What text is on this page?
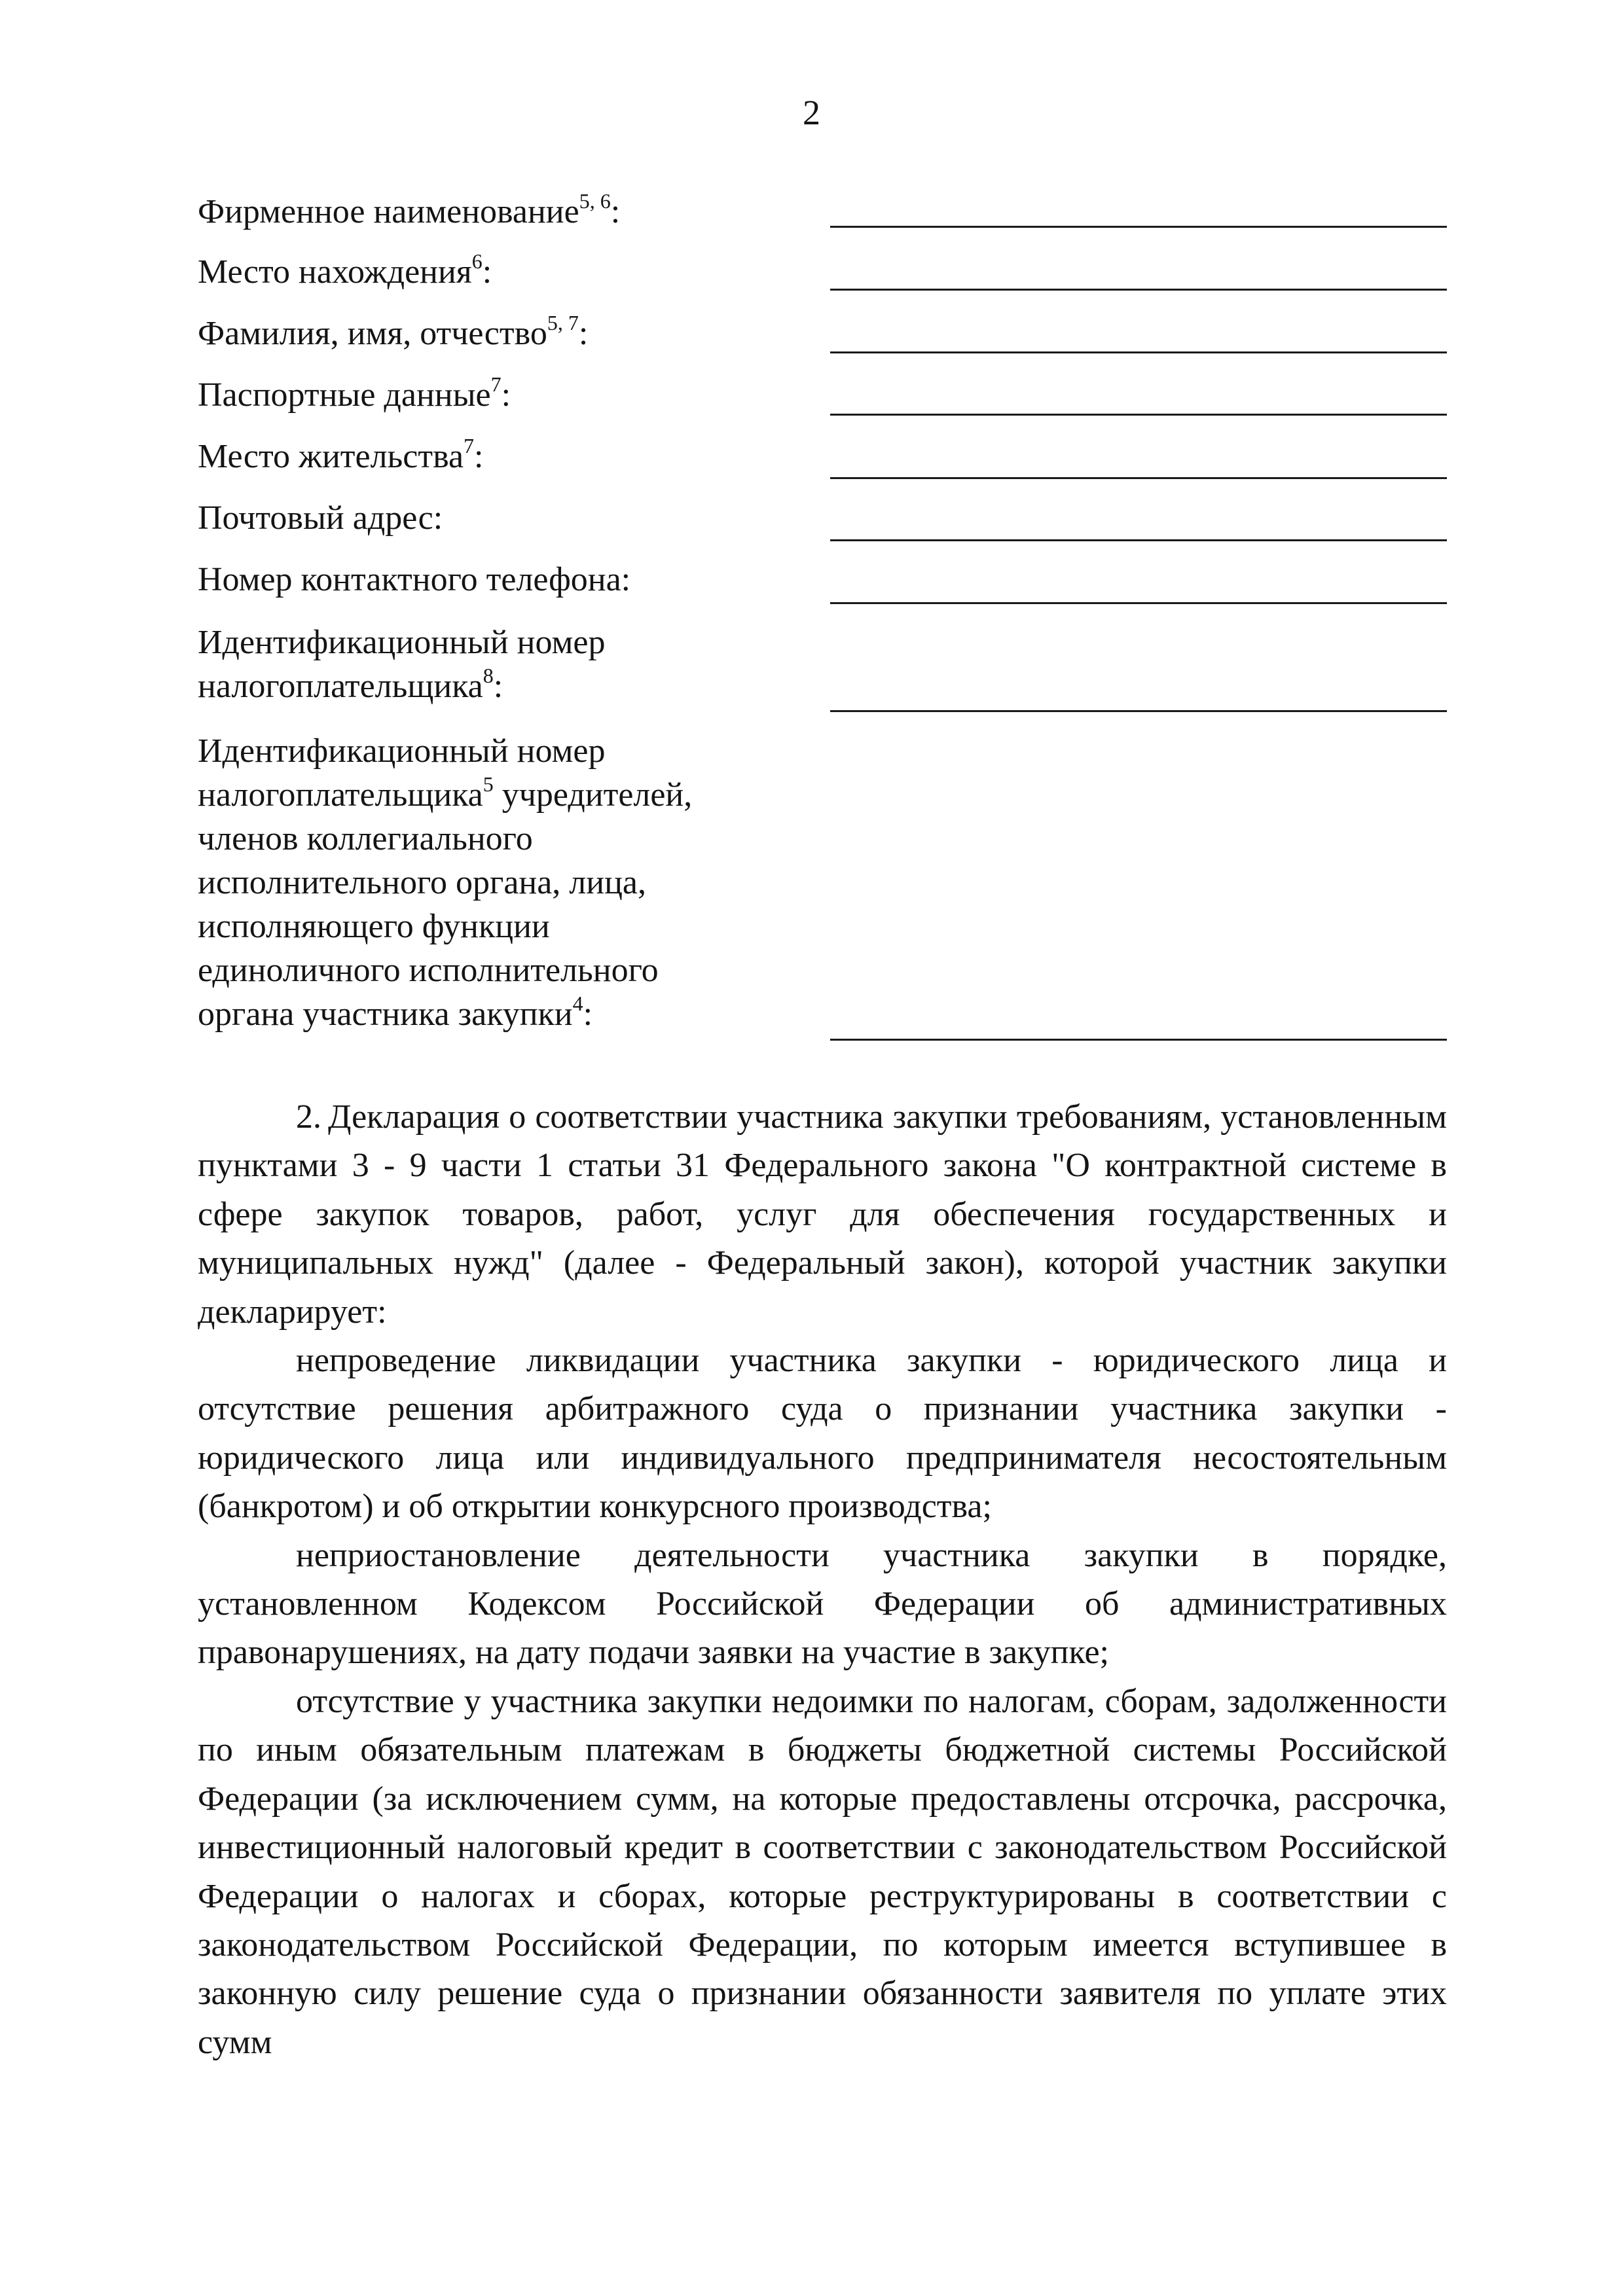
2
Фирменное наименование$^{5, 6}$:
Место нахождения$^6$:
Фамилия, имя, отчество$^{5, 7}$:
Паспортные данные$^7$:
Место жительства$^7$:
Почтовый адрес:
Номер контактного телефона:
Идентификационный номер
налогоплательщика$^8$:
Идентификационный номер
налогоплательщика$^5$ учредителей,
членов коллегиального
исполнительного органа, лица,
исполняющего функции
единоличного исполнительного
органа участника закупки$^4$:

2. Декларация о соответствии участника закупки требованиям, установленным пунктами 3 - 9 части 1 статьи 31 Федерального закона "О контрактной системе в сфере закупок товаров, работ, услуг для обеспечения государственных и муниципальных нужд" (далее - Федеральный закон), которой участник закупки декларирует:

непроведение ликвидации участника закупки - юридического лица и отсутствие решения арбитражного суда о признании участника закупки - юридического лица или индивидуального предпринимателя несостоятельным (банкротом) и об открытии конкурсного производства;

неприостановление деятельности участника закупки в порядке, установленном Кодексом Российской Федерации об административных правонарушениях, на дату подачи заявки на участие в закупке;

отсутствие у участника закупки недоимки по налогам, сборам, задолженности по иным обязательным платежам в бюджеты бюджетной системы Российской Федерации (за исключением сумм, на которые предоставлены отсрочка, рассрочка, инвестиционный налоговый кредит в соответствии с законодательством Российской Федерации о налогах и сборах, которые реструктурированы в соответствии с законодательством Российской Федерации, по которым имеется вступившее в законную силу решение суда о признании обязанности заявителя по уплате этих сумм
